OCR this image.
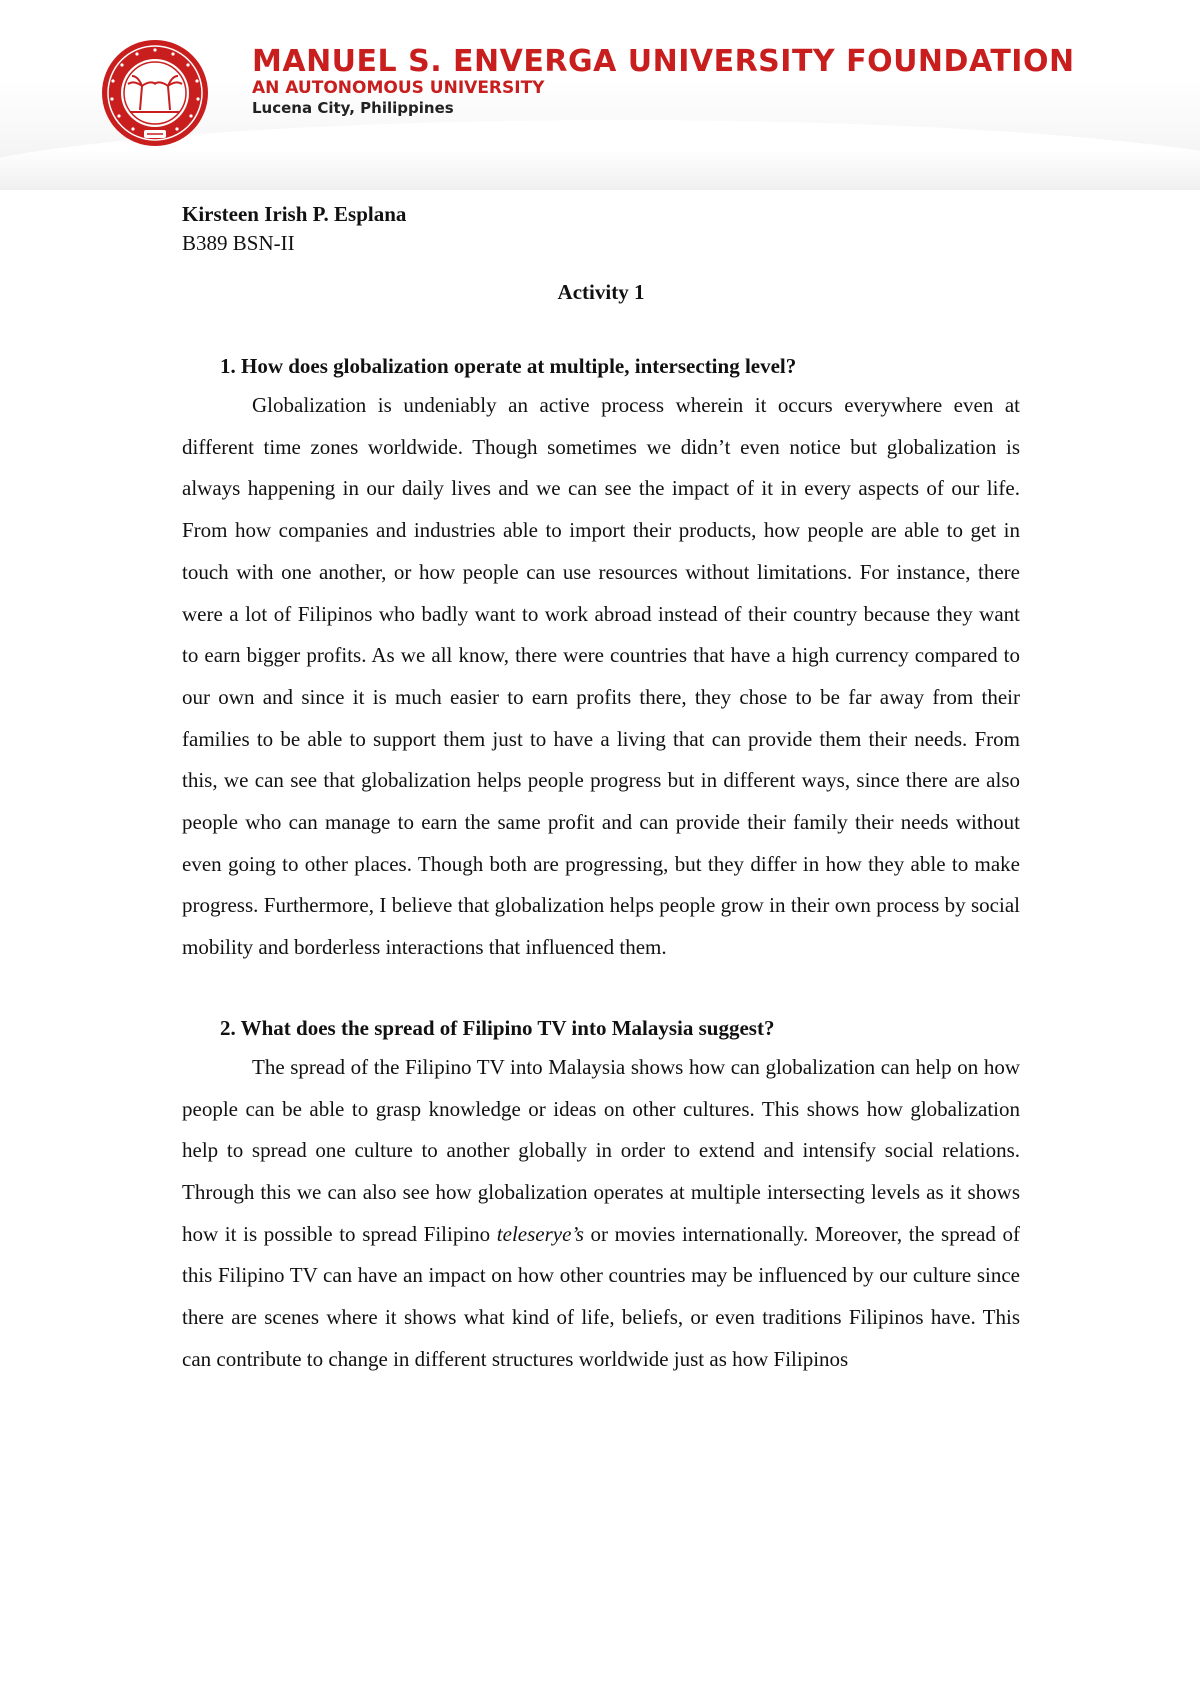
MANUEL S. ENVERGA UNIVERSITY FOUNDATION
AN AUTONOMOUS UNIVERSITY
Lucena City, Philippines
Kirsteen Irish P. Esplana
B389 BSN-II
Activity 1
1. How does globalization operate at multiple, intersecting level?

Globalization is undeniably an active process wherein it occurs everywhere even at different time zones worldwide. Though sometimes we didn’t even notice but globalization is always happening in our daily lives and we can see the impact of it in every aspects of our life. From how companies and industries able to import their products, how people are able to get in touch with one another, or how people can use resources without limitations. For instance, there were a lot of Filipinos who badly want to work abroad instead of their country because they want to earn bigger profits. As we all know, there were countries that have a high currency compared to our own and since it is much easier to earn profits there, they chose to be far away from their families to be able to support them just to have a living that can provide them their needs. From this, we can see that globalization helps people progress but in different ways, since there are also people who can manage to earn the same profit and can provide their family their needs without even going to other places. Though both are progressing, but they differ in how they able to make progress. Furthermore, I believe that globalization helps people grow in their own process by social mobility and borderless interactions that influenced them.

2. What does the spread of Filipino TV into Malaysia suggest?

The spread of the Filipino TV into Malaysia shows how can globalization can help on how people can be able to grasp knowledge or ideas on other cultures. This shows how globalization help to spread one culture to another globally in order to extend and intensify social relations. Through this we can also see how globalization operates at multiple intersecting levels as it shows how it is possible to spread Filipino teleserye’s or movies internationally. Moreover, the spread of this Filipino TV can have an impact on how other countries may be influenced by our culture since there are scenes where it shows what kind of life, beliefs, or even traditions Filipinos have. This can contribute to change in different structures worldwide just as how Filipinos
